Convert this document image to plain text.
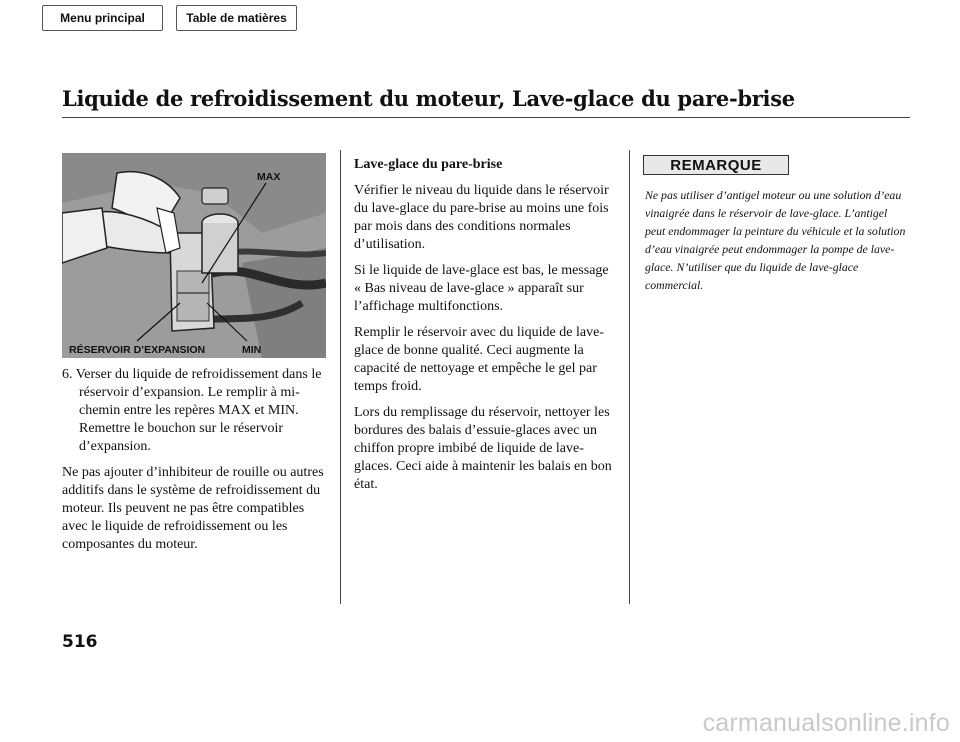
Menu principal	Table de matières
Liquide de refroidissement du moteur, Lave-glace du pare-brise
MAX
RÉSERVOIR D’EXPANSION	MIN

6. Verser du liquide de refroidissement dans le réservoir d’expansion. Le remplir à mi-chemin entre les repères MAX et MIN. Remettre le bouchon sur le réservoir d’expansion.

Ne pas ajouter d’inhibiteur de rouille ou autres additifs dans le système de refroidissement du moteur. Ils peuvent ne pas être compatibles avec le liquide de refroidissement ou les composantes du moteur.

Lave-glace du pare-brise

Vérifier le niveau du liquide dans le réservoir du lave-glace du pare-brise au moins une fois par mois dans des conditions normales d’utilisation.

Si le liquide de lave-glace est bas, le message « Bas niveau de lave-glace » apparaît sur l’affichage multifonctions.

Remplir le réservoir avec du liquide de lave-glace de bonne qualité. Ceci augmente la capacité de nettoyage et empêche le gel par temps froid.

Lors du remplissage du réservoir, nettoyer les bordures des balais d’essuie-glaces avec un chiffon propre imbibé de liquide de lave-glaces. Ceci aide à maintenir les balais en bon état.

REMARQUE
Ne pas utiliser d’antigel moteur ou une solution d’eau vinaigrée dans le réservoir de lave-glace. L’antigel peut endommager la peinture du véhicule et la solution d’eau vinaigrée peut endommager la pompe de lave-glace. N’utiliser que du liquide de lave-glace commercial.
516
carmanualsonline.info
